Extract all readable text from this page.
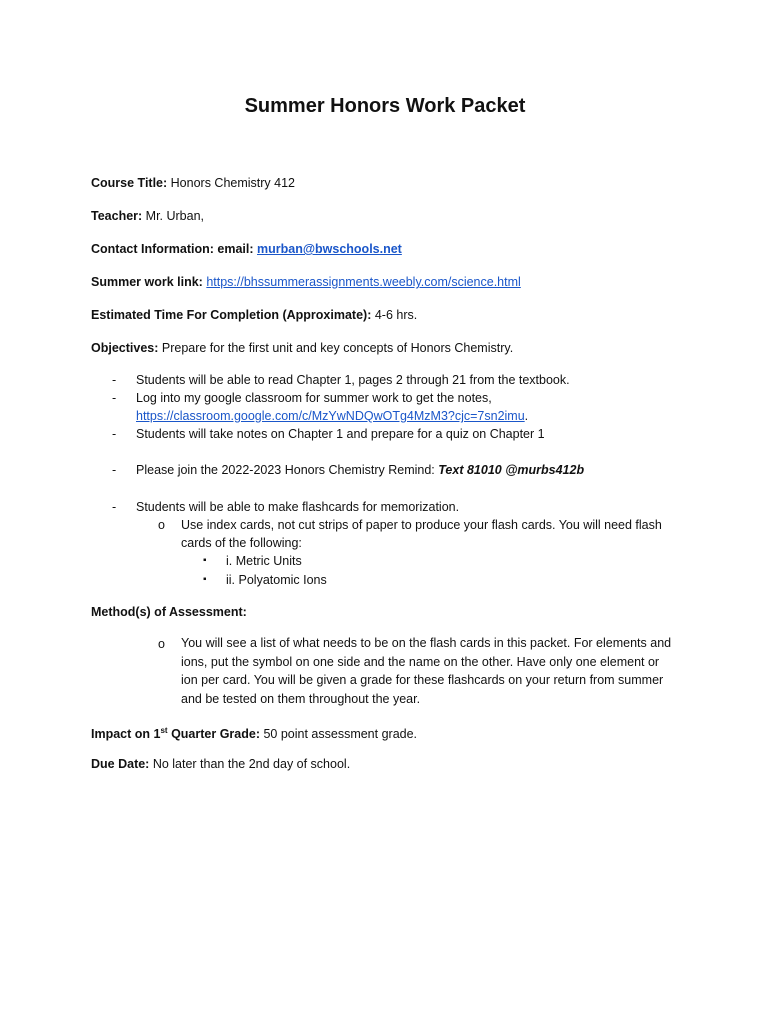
Summer Honors Work Packet
Course Title: Honors Chemistry 412
Teacher: Mr. Urban,
Contact Information: email: murban@bwschools.net
Summer work link: https://bhssummerassignments.weebly.com/science.html
Estimated Time For Completion (Approximate): 4-6 hrs.
Objectives: Prepare for the first unit and key concepts of Honors Chemistry.
- Students will be able to read Chapter 1, pages 2 through 21 from the textbook.
- Log into my google classroom for summer work to get the notes,
https://classroom.google.com/c/MzYwNDQwOTg4MzM3?cjc=7sn2imu.
- Students will take notes on Chapter 1 and prepare for a quiz on Chapter 1
- Please join the 2022-2023 Honors Chemistry Remind: Text 81010 @murbs412b
- Students will be able to make flashcards for memorization.
o Use index cards, not cut strips of paper to produce your flash cards. You will need flash
cards of the following:
▪ i. Metric Units
▪ ii. Polyatomic Ions
Method(s) of Assessment:
o You will see a list of what needs to be on the flash cards in this packet. For elements and
ions, put the symbol on one side and the name on the other. Have only one element or
ion per card. You will be given a grade for these flashcards on your return from summer
and be tested on them throughout the year.
Impact on 1st Quarter Grade: 50 point assessment grade.
Due Date: No later than the 2nd day of school.
